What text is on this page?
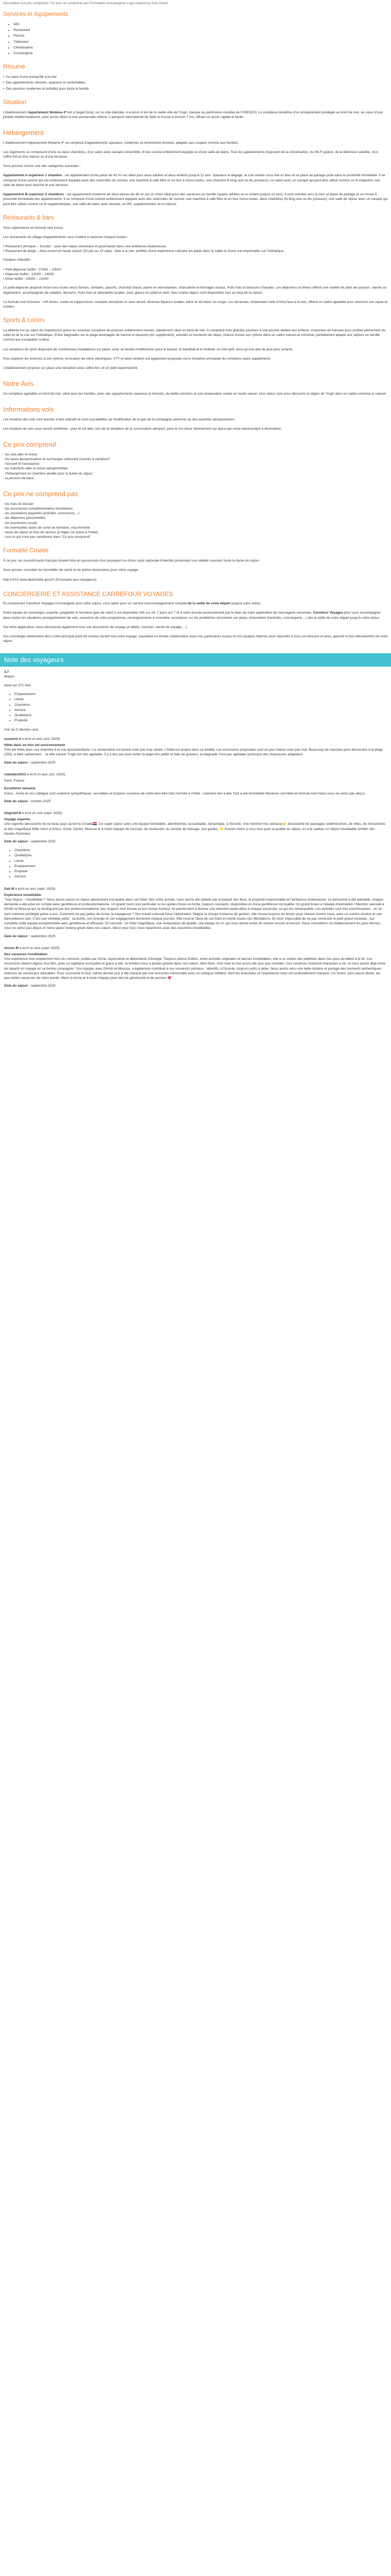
Description Ce prix comprend / Ce prix ne comprend pas Formalités Conciergerie Logo tripadvisor Avis Client

Services et équipements
• Wifi
• Restaurant
• Piscine
• Télévision
• Climatisation
• Conciergerie
Résumé
• Au cœur d'une presqu'île à la mer
• Des appartements rénovés, spacieux et confortables
• Des piscines modernes et activités pour toute la famille
Situation

L'établissement Appartement Modena 4* est à Seget Donji, sur la côte dalmate, à environ 4 km de la vieille ville de Trogir, classée au patrimoine mondial de l'UNESCO. Le complexe bénéficie d'un emplacement privilégié au bord de mer, au cœur d'une pinède méditerranéenne, avec accès direct à une promenade côtière. L'aéroport international de Split se trouve à environ 7 km, offrant un accès rapide et facile.

Hébergement

L'établissement Appartement Modena 4* se compose d'appartements spacieux, modernes et récemment rénovés, adaptés aux couples comme aux familles.

Les logements se composent d'une ou deux chambres, d'un salon avec canapé convertible, d'une cuisine entièrement équipée et d'une salle de bains. Tous les appartements disposent de la climatisation, du Wi-Fi gratuit, de la télévision satellite, d'un coffre-fort et d'un balcon ou d'une terrasse.

Vous pourrez choisir une des catégories suivantes :

Appartement A-supérieur 1 chambre : cet appartement d'une pièce de 42 m² est idéal pour deux adultes et deux enfants jusqu'à 12 ans. Spacieux et dégagé, le coin entrée vous met à l'aise et se place de partage juste dans le proximité immédiate. Il se compose d'une cuisine qui est entièrement équipée avec des ustensiles de cuisine, une machine à café filtre et un four à micro-ondes, une chambre lit king-size ou lits jumeaux), un salon avec un canapé qui peut être utilisé comme un lit d'appoint, une salle de bains avec douche et une terrasse.

Appartement B-supérieur 2 chambres : cet appartement moderne de deux pièces de 46 m² est un choix idéal pour des vacances en famille (quatre adultes et un enfant jusqu'à 12 ans). Il sont orientés vers la mer, et place de partage et se trouve à proximité immédiate des appartements. Il se compose d'une cuisine entièrement équipée avec des ustensiles de cuisine, une machine à café filtre et un four micro-ondes, deux chambres (lit king-size ou lits jumeaux), une salle de séjour avec un canapé qui peut être utilisé comme un lit supplémentaire, une salle de bains avec douche, un WC supplémentaire et un balcon.

Restaurants & bars

Vous séjournerez en formule tout inclus.

Les restaurants du village d'appartements vous invitent à savourer chaque instant :

• Restaurant principal – 'Kondor' : pour des repas conviviaux et gourmands dans une ambiance chaleureuse.
• Restaurant de plage – Arka ouvert en haute saison (15 juin au 15 sept) : face à la mer, profitez d'une expérience culinaire les pieds dans le sable et d'une vue imprenable sur l'Adriatique.

Horaires indicatifs :

• Petit-déjeuner buffet : 07h00 – 10h00
• Déjeuner buffet : 12h00 – 14h00
• Dîner buffet : 19h00 – 21h00

Le petit-déjeuner proposé inclut sous toutes leurs formes, céréales, yaourts, chocolat chaud, panini et viennoiseries, charcuterie et fromages locaux, fruits frais et boissons chaudes. Les déjeuners et dîners offrent une variété de plats de poisson, viande ou végétariens, accompagnés de salades, desserts, fruits frais et spécialités locales, avec glaces en juillet et août. Des snacks légers sont disponibles tout au long de la saison.

La formule tout inclusive : soft drinks, sodas et cappuccinos, cocktails alcoolisés et sans alcool, diverses liqueurs locales, bière et vin blanc ou rouge. Les terrasses, notamment celle d'Arka face à la mer, offrent un cadre agréable pour savourer vos repas et soirées.

Sports & Loisirs

La détente est au cœur de l'expérience grâce au nouveau complexe de piscines entièrement neuves, idéalement situé en bord de mer. Il comprend trois grandes piscines à une piscine dédiée aux enfants, entourées de transats pour profiter pleinement du soleil et de la vue sur l'Adriatique. Entre baignades sur la plage aménagée de transat et parasols (en supplément), activités et moments de repos, chacun trouve son rythme dans un cadre naturel et convivial, parfaitement adapté aux séjours en famille comme aux escapades à deux.

Les amateurs de sport disposent de nombreuses installations sur place, avec un terrain multifonction pour le basket, le handball et le football, un mini-golf, ainsi qu'une aire de jeux pour enfants.

Pour explorer les environs à son rythme, la location de vélos électriques, VTT et vélos enfants est également proposée via la réception principale du complexe (avec supplément)

L'établissement propose sur place une réception avec coffre-fort, et un petit supermarché.

Notre Avis

Un complexe agréable en bord de mer, idéal pour les familles, avec des appartements spacieux et rénovés, de belles piscines et une restauration variée en haute saison. Une valeur sûre pour découvrir la région de Trogir dans un cadre convivial et naturel.

Informations vols

Les horaires des vols sont donnés à titre indicatif et sont susceptibles de modification de la part de la compagnie aérienne ou des autorités aéroportuaires.

Les horaires de vols vous seront confirmés : pour le vol aller, lors de la réception de la convocation aéroport, pour le vol retour directement sur place par notre représentant à destination.

Ce prix comprend
- les vols aller et retour
- les taxes aéroportuaires et surcharges carburant (soumis à variation)*
- l'accueil et l'assistance
- les transferts aller et retour aéroport/hôtel
- l'hébergement en chambre double pour la durée du séjour
- la pension de base
Ce prix ne comprend pas
- les frais de dossier
- les assurances complémentaires facultatives
- les prestations payantes (activités, excursions,...)
- les dépenses personnelles
- les pourboires usuels
- les éventuelles taxes de sortie du territoire, visa d'entrée
- taxes de séjour et frais de service (à régler sur place à l'hôtel)
- tout ce qui n'est pas mentionné dans "Ce prix comprend"
Formalité Croatie

À ce jour, les ressortissants français doivent être en possession d'un passeport ou d'une carte nationale d'identité présentant une validité couvrant toute la durée du séjour.

Vous pouvez consulter les formalités de santé et de police nécessaires pour votre voyage :

http:XXXX.www.diplomatie.gouv.fr (fr/conseils-aux-voyageurs)

CONCIERGERIE ET ASSISTANCE CARREFOUR VOYAGES

En choisissant Carrefour Voyages Conciergerie pour votre séjour, vous optez pour un service d'accompagnement complet de la veille de votre départ jusqu'à votre retour.

Notre équipe de concierges, experte, polyglotte et humaine (pas de robot !) est disponible 24h sur 24, 7 jours sur 7 et à votre écoute exclusivement par le biais de notre application de messagerie sécurisée, Carrefour Voyages pour vous accompagner dans toutes les situations (enregistrement de vols, ouverture de votre programme, renseignements à connaître, assistance sur les problèmes rencontrés sur place, réservation d'activités, conciergerie…) dès la veille de votre départ jusqu'à votre retour.

Via notre application, vous retrouverez également tous vos documents de voyage (e-billets, voucher, carnet de voyage, ...)

Vos concierges deviennent alors votre principal point de contact durant tout votre voyage, travaillant en étroite collaboration avec nos partenaires locaux et nos équipes internes pour répondre à tous vos besoins et ainsi, garantir le bon déroulement de votre séjour.

Note des voyageurs

3,7

Moyen

basé sur 271 Avis

• Emplacement
• Literie
• Chambres
• Service
• Qualité/prix
• Propreté

Voir les 5 derniers avis

suzanne d a écrit un avis (oct. 2025)

Hôtel dans un très bel environnement

Très bel hôtel avec une chambre à la vue époustouflante ! La restauration est bonne mais pas trop variée. L'hôtel est propre dans sa totalité. Les excursions proposées sont un peu chères mais pas mal. Beaucoup de marches pour descendre à la plage (150), à faire calmement… la ville voisine Trogir est très agréable. Il y a des pas pour éviter la page très petite et faite de graviers, la baignade n'est pas agréable (prévoyez des chaussures adaptées)

Date du séjour : septembre 2025

rolandes2013 a écrit un avis (oct. 2025)

Paris, France

Excellente semaine

Kreso , Aïcha et son collègue sont vraiment sympathiques, serviables et toujours soucieux de notre bien-être Dès l'arrivée à l'hôtel : vraiment rien à dire Tout a été formidable Réserver cet hôtel en formule tout inclus vous ne serez pas déçus

Date du séjour : octobre 2025

Siegried B a écrit un avis (sept. 2025)

Voyage superbe

Une superbe découverte de ce beau pays qu'est la Croatie🇭🇷. Un super séjour avec une équipe formidable, attentionnée, accueillante, dynamique, à l'écoute. Une mention très sérieuse🌟 découverte de paysages sublimissimes, de villes, de monuments et très magnifique Mille merci à Kreso, Aïcha, Dimitri, Moussa et à toute l'équipe de l'accueil, du restaurant, du service de ménage, aux guides, 🌟 Encore merci à vous tous pour la qualité du séjour, un vrai cadeau un séjour inoubliable Amitiés des Hautes-Pyrénées

Date du séjour : septembre 2025

• Chambres
• Qualité/prix
• Literie
• Emplacement
• Propreté
• Service

Dali M a écrit un avis (sept. 2025)

Expérience inoubliable

"Avis Séjour – Inoubliable !" Nous avons passé un séjour absolument incroyable dans cet hôtel. Dès notre arrivée, nous avons été séduits par la beauté des lieux, la propreté irréprochable et l'ambiance chaleureuse. Le personnel a été adorable, chaque demande a été prise en compte avec gentillesse et professionnalisme. Un grand merci tout particulier à nos guides Kreso et Aïcha, toujours souriants, disponibles et d'une gentillesse incroyable. Un grand bravo à l'équipe d'animation ! Mention spéciale à Dimitri et Moussa qui se distinguent par leur professionnalisme, leur respect, leur écoute et leur bonne humeur. Ils parviennent à donner une attention particulière à chaque vacancier, ce qui est remarquable. Les activités sont très enrichissantes : on se sent vraiment privilégié grâce à eux. Comment ne pas parler de Aïcha, la voyageuse ? Son travail colossal force l'admiration. Malgré la charge immense de gestion, elle trouve toujours du temps pour chacun d'entre nous, avec un sourire sincère et une bienveillance rare. C'est une véritable perle : sa bonté, son énergie et son engagement illuminent chaque journée. Elle incarne l'âme de cet hôtel et mérite toutes nos félicitations. En bref, impossible de ne pas remercier le petit grand nouveau , qui complète cette équipe exceptionnelle avec gentillesse et efficacité. En résumé : un hôtel magnifique, une restauration de qualité, une équipe en or, qui vous donne envie de revenir encore et encore. Nous conseillons cet établissement les yeux fermés, vous ne serez pas déçus et notre séjour restera gravé dans nos cœurs. Merci pour tout, nous repartirons avec des souvenirs inoubliables

Date du séjour : septembre 2025

Annso M a écrit un avis (sept. 2025)

Des vacances inoubliables

Une expérience tout simplement hors du commun, portée par Aïcha, rayonnante et débordante d'énergie. Toujours pleine d'idées, entre activités originales et danses inoubliables, elle a su mettre des paillettes dans nos yeux du début à la fin. Les excursions étaient dignes d'un film, avec un capitaine incroyable et grâce à elle, la lumière nous a jamais gravée dans nos cœurs. Mon frère, mon mari et moi avons été plus que comblés. Ces vacances resteront marquées à vie, et nous avons déjà envie de repartir en voyage en sa bonne compagnie ! Son équipe, avec Dimitri et Moussa, a également contribué à ces souvenirs précieux : attentifs, à l'écoute, toujours prêts à aider. Nous avons vécu une belle histoire et partagé des moments authentiques entourés de vacanciers adorables. Pour couronner le tout, même dernier jour a été marqué par une rencontre mémorable avec un collègue militaire, dont les anecdotes et l'expérience nous ont profondément marqués. Ce furent, sans aucun doute, les plus belles vacances de notre année. Merci à Aïcha et à toute l'équipe pour tant de générosité et de passion 💗

Date du séjour : septembre 2025
